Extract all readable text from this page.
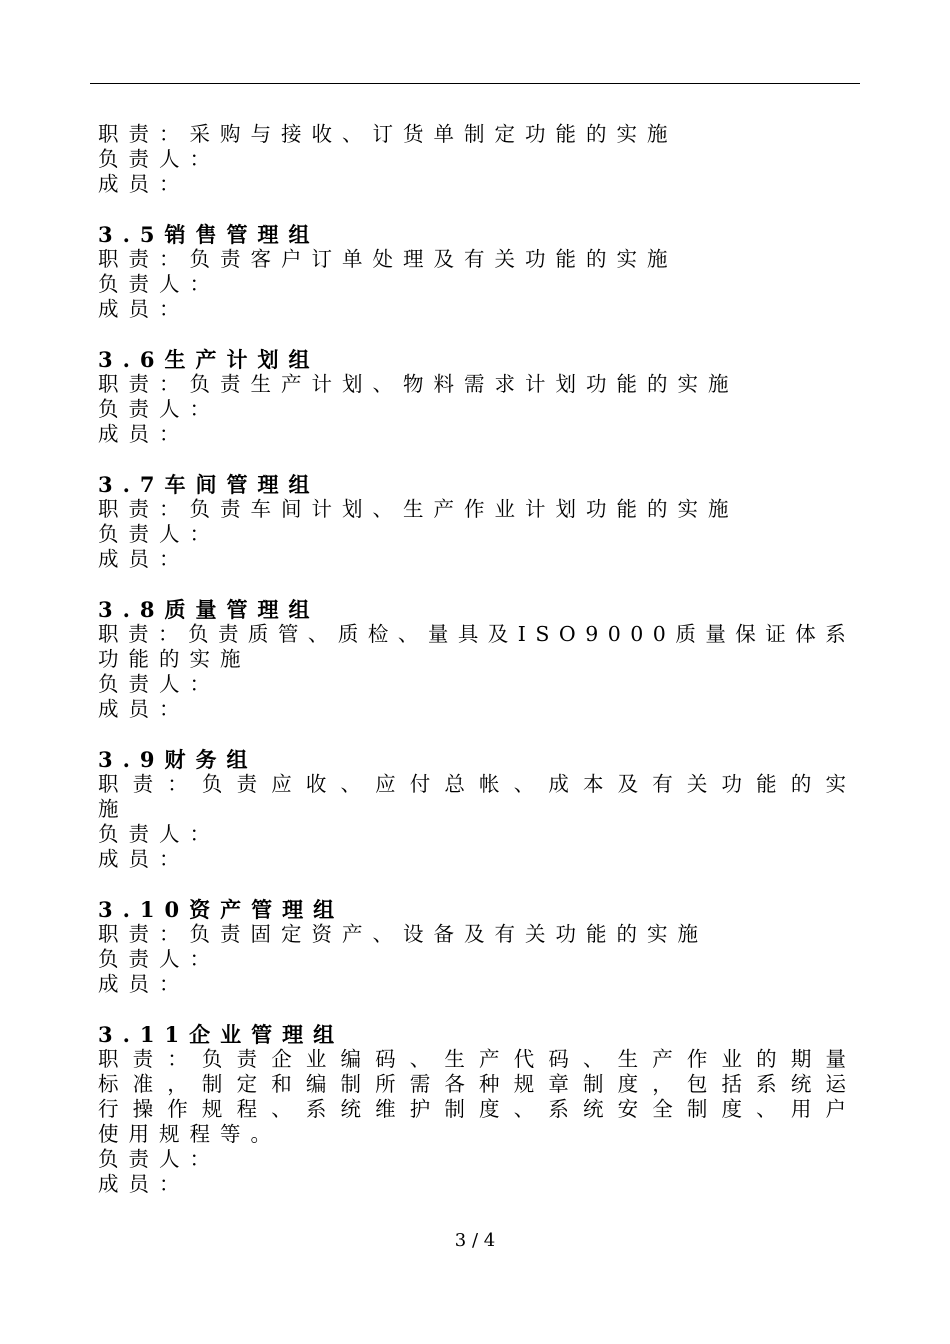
职责：采购与接收、订货单制定功能的实施
负责人：
成员：
3.5销售管理组
职责：负责客户订单处理及有关功能的实施
负责人：
成员：
3.6生产计划组
职责：负责生产计划、物料需求计划功能的实施
负责人：
成员：
3.7车间管理组
职责：负责车间计划、生产作业计划功能的实施
负责人：
成员：
3.8质量管理组
职 责 ： 负 责 质 管 、 质 检 、 量 具 及 I S O 9 0 0 0 质 量 保 证 体 系
功能的实施
负责人：
成员：
3.9财务组
职 责 ： 负 责 应 收 、 应 付 总 帐 、 成 本 及 有 关 功 能 的 实
施
负责人：
成员：
3.10资产管理组
职责：负责固定资产、设备及有关功能的实施
负责人：
成员：
3.11企业管理组
职 责 ： 负 责 企 业 编 码 、 生 产 代 码 、 生 产 作 业 的 期 量
标 准 ， 制 定 和 编 制 所 需 各 种 规 章 制 度 ， 包 括 系 统 运
行 操 作 规 程 、 系 统 维 护 制 度 、 系 统 安 全 制 度 、 用 户
使用规程等。
负责人：
成员：
3 / 4
